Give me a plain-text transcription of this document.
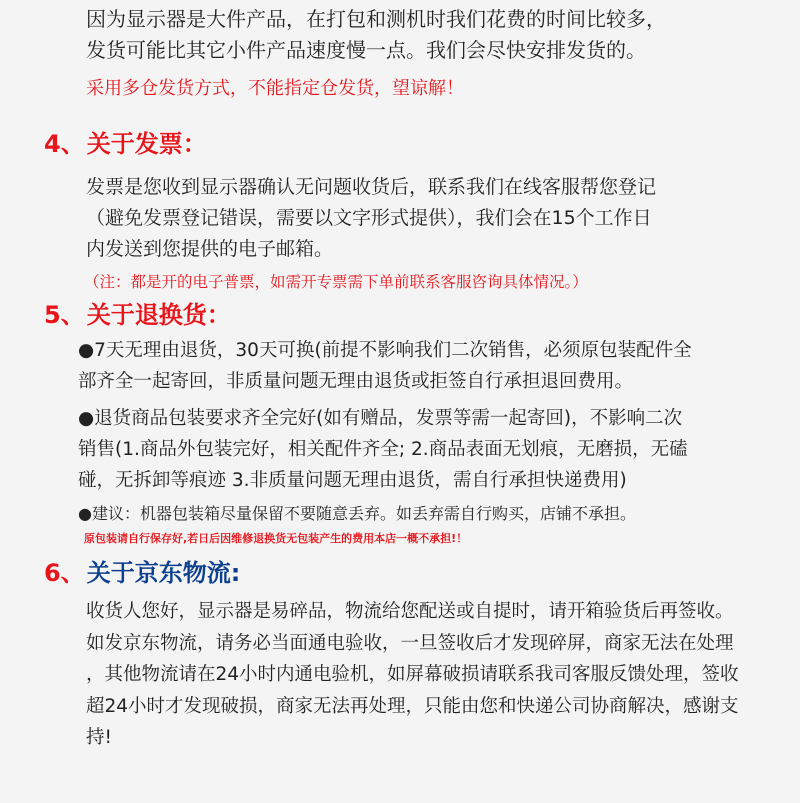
因为显示器是大件产品，在打包和测机时我们花费的时间比较多，
发货可能比其它小件产品速度慢一点。我们会尽快安排发货的。
采用多仓发货方式，不能指定仓发货，望谅解！
4、关于发票：
发票是您收到显示器确认无问题收货后，联系我们在线客服帮您登记
（避免发票登记错误，需要以文字形式提供），我们会在15个工作日
内发送到您提供的电子邮箱。
（注：都是开的电子普票，如需开专票需下单前联系客服咨询具体情况。）
5、关于退换货：
●7天无理由退货，30天可换(前提不影响我们二次销售，必须原包装配件全
部齐全一起寄回，非质量问题无理由退货或拒签自行承担退回费用。
●退货商品包装要求齐全完好(如有赠品，发票等需一起寄回)，不影响二次
销售(1.商品外包装完好，相关配件齐全; 2.商品表面无划痕，无磨损，无磕
碰，无拆卸等痕迹 3.非质量问题无理由退货，需自行承担快递费用)
●建议：机器包装箱尽量保留不要随意丢弃。如丢弃需自行购买，店铺不承担。
原包装请自行保存好,若日后因维修退换货无包装产生的费用本店一概不承担!！
6、关于京东物流:
收货人您好，显示器是易碎品，物流给您配送或自提时，请开箱验货后再签收。
如发京东物流，请务必当面通电验收，一旦签收后才发现碎屏，商家无法在处理
，其他物流请在24小时内通电验机，如屏幕破损请联系我司客服反馈处理，签收
超24小时才发现破损，商家无法再处理，只能由您和快递公司协商解决，感谢支
持!
